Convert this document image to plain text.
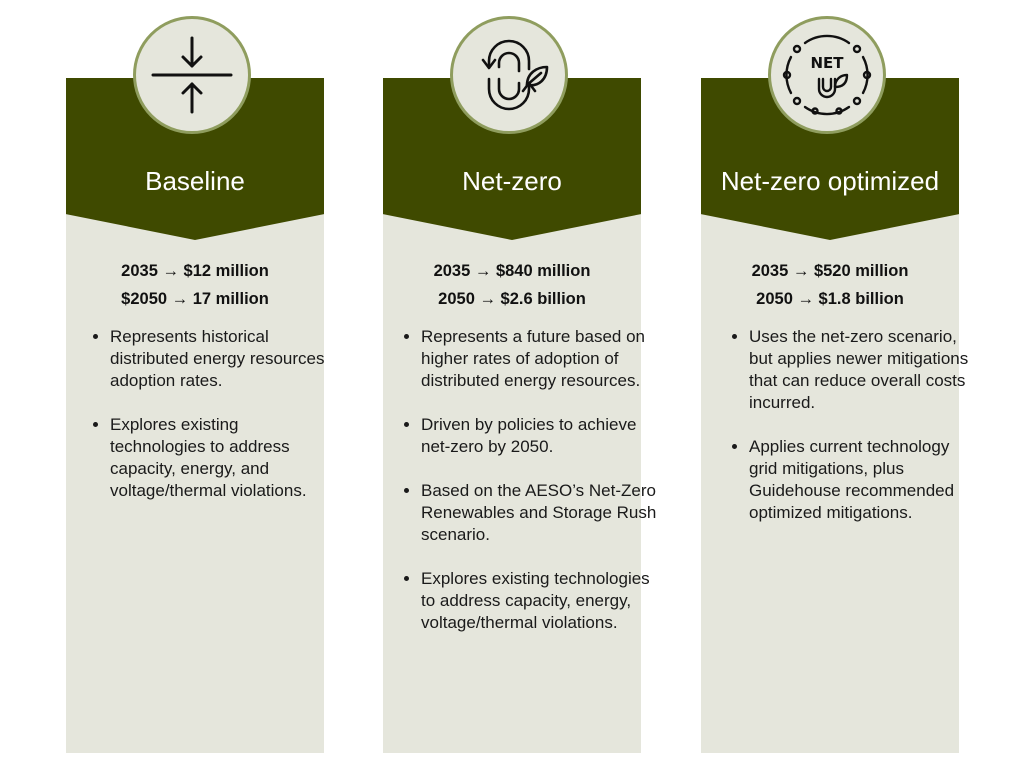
Baseline
2035 → $12 million
$2050 → 17 million
• Represents historical distributed energy resources adoption rates.
• Explores existing technologies to address capacity, energy, and voltage/thermal violations.
Net-zero
2035 → $840 million
2050 → $2.6 billion
• Represents a future based on higher rates of adoption of distributed energy resources.
• Driven by policies to achieve net-zero by 2050.
• Based on the AESO’s Net-Zero Renewables and Storage Rush scenario.
• Explores existing technologies to address capacity, energy, voltage/thermal violations.
Net-zero optimized
NET
2035 → $520 million
2050 → $1.8 billion
• Uses the net-zero scenario, but applies newer mitigations that can reduce overall costs incurred.
• Applies current technology grid mitigations, plus Guidehouse recommended optimized mitigations.
